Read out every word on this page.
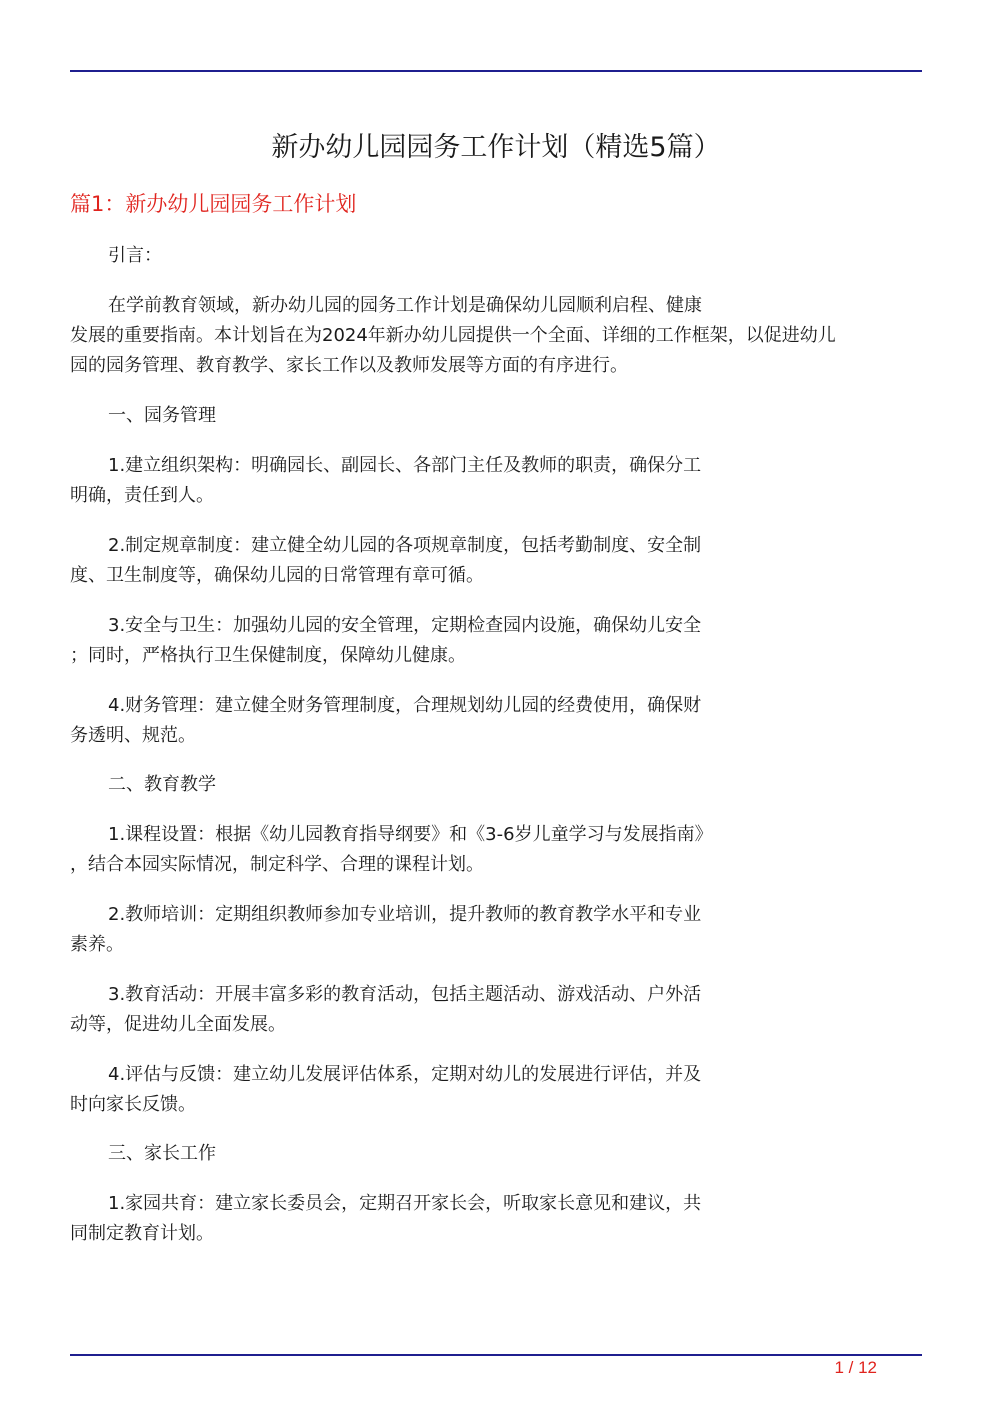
新办幼儿园园务工作计划（精选5篇）
篇1：新办幼儿园园务工作计划
引言：
在学前教育领域，新办幼儿园的园务工作计划是确保幼儿园顺利启程、健康
发展的重要指南。本计划旨在为2024年新办幼儿园提供一个全面、详细的工作框架，以促进幼儿
园的园务管理、教育教学、家长工作以及教师发展等方面的有序进行。
一、园务管理
1.建立组织架构：明确园长、副园长、各部门主任及教师的职责，确保分工
明确，责任到人。
2.制定规章制度：建立健全幼儿园的各项规章制度，包括考勤制度、安全制
度、卫生制度等，确保幼儿园的日常管理有章可循。
3.安全与卫生：加强幼儿园的安全管理，定期检查园内设施，确保幼儿安全
；同时，严格执行卫生保健制度，保障幼儿健康。
4.财务管理：建立健全财务管理制度，合理规划幼儿园的经费使用，确保财
务透明、规范。
二、教育教学
1.课程设置：根据《幼儿园教育指导纲要》和《3-6岁儿童学习与发展指南》
，结合本园实际情况，制定科学、合理的课程计划。
2.教师培训：定期组织教师参加专业培训，提升教师的教育教学水平和专业
素养。
3.教育活动：开展丰富多彩的教育活动，包括主题活动、游戏活动、户外活
动等，促进幼儿全面发展。
4.评估与反馈：建立幼儿发展评估体系，定期对幼儿的发展进行评估，并及
时向家长反馈。
三、家长工作
1.家园共育：建立家长委员会，定期召开家长会，听取家长意见和建议，共
同制定教育计划。
1 / 12
